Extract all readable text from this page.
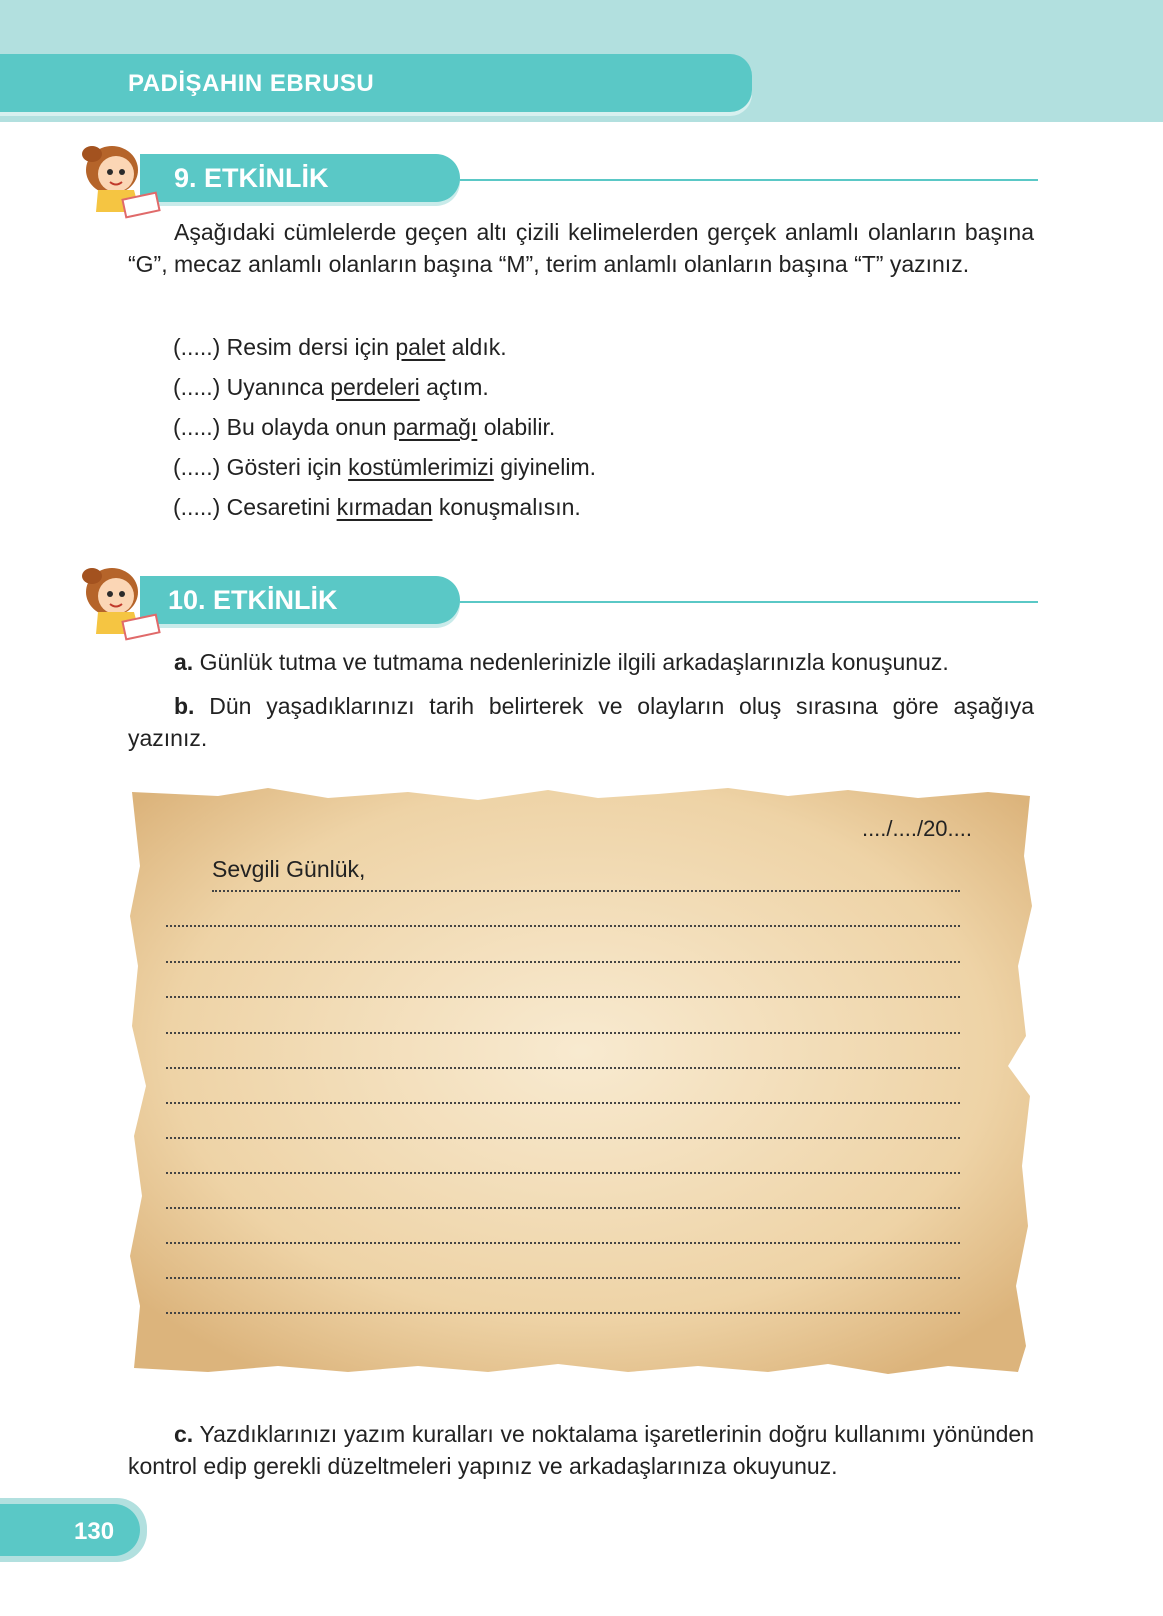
PADİŞAHIN EBRUSU
9. ETKİNLİK
Aşağıdaki cümlelerde geçen altı çizili kelimelerden gerçek anlamlı olanların başına “G”, mecaz anlamlı olanların başına “M”, terim anlamlı olanların başına “T” yazınız.
(.....) Resim dersi için palet aldık.
(.....) Uyanınca perdeleri açtım.
(.....) Bu olayda onun parmağı olabilir.
(.....) Gösteri için kostümlerimizi giyinelim.
(.....) Cesaretini kırmadan konuşmalısın.
10. ETKİNLİK
a. Günlük tutma ve tutmama nedenlerinizle ilgili arkadaşlarınızla konuşunuz.
b. Dün yaşadıklarınızı tarih belirterek ve olayların oluş sırasına göre aşağıya yazınız.
..../..../20....
Sevgili Günlük,
c. Yazdıklarınızı yazım kuralları ve noktalama işaretlerinin doğru kullanımı yönünden kontrol edip gerekli düzeltmeleri yapınız ve arkadaşlarınıza okuyunuz.
130
